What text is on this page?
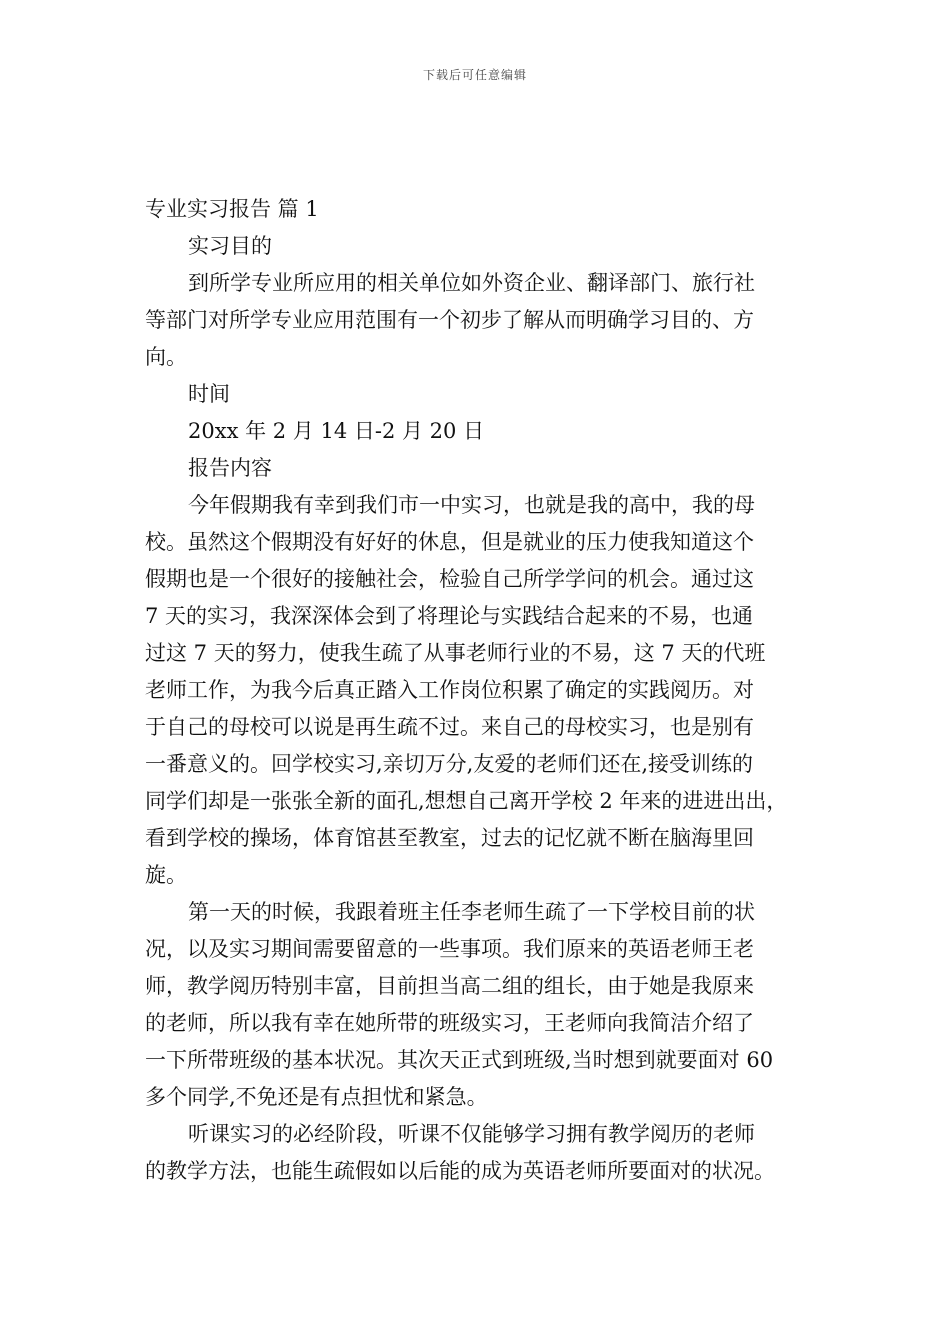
下载后可任意编辑
专业实习报告 篇 1
实习目的
到所学专业所应用的相关单位如外资企业、翻译部门、旅行社
等部门对所学专业应用范围有一个初步了解从而明确学习目的、方
向。
时间
20xx 年 2 月 14 日-2 月 20 日
报告内容
今年假期我有幸到我们市一中实习，也就是我的高中，我的母
校。虽然这个假期没有好好的休息，但是就业的压力使我知道这个
假期也是一个很好的接触社会，检验自己所学学问的机会。通过这
7 天的实习，我深深体会到了将理论与实践结合起来的不易，也通
过这 7 天的努力，使我生疏了从事老师行业的不易，这 7 天的代班
老师工作，为我今后真正踏入工作岗位积累了确定的实践阅历。对
于自己的母校可以说是再生疏不过。来自己的母校实习，也是别有
一番意义的。回学校实习,亲切万分,友爱的老师们还在,接受训练的
同学们却是一张张全新的面孔,想想自己离开学校 2 年来的进进出出，
看到学校的操场，体育馆甚至教室，过去的记忆就不断在脑海里回
旋。
第一天的时候，我跟着班主任李老师生疏了一下学校目前的状
况，以及实习期间需要留意的一些事项。我们原来的英语老师王老
师，教学阅历特别丰富，目前担当高二组的组长，由于她是我原来
的老师，所以我有幸在她所带的班级实习，王老师向我简洁介绍了
一下所带班级的基本状况。其次天正式到班级,当时想到就要面对 60
多个同学,不免还是有点担忧和紧急。
听课实习的必经阶段，听课不仅能够学习拥有教学阅历的老师
的教学方法，也能生疏假如以后能的成为英语老师所要面对的状况。
